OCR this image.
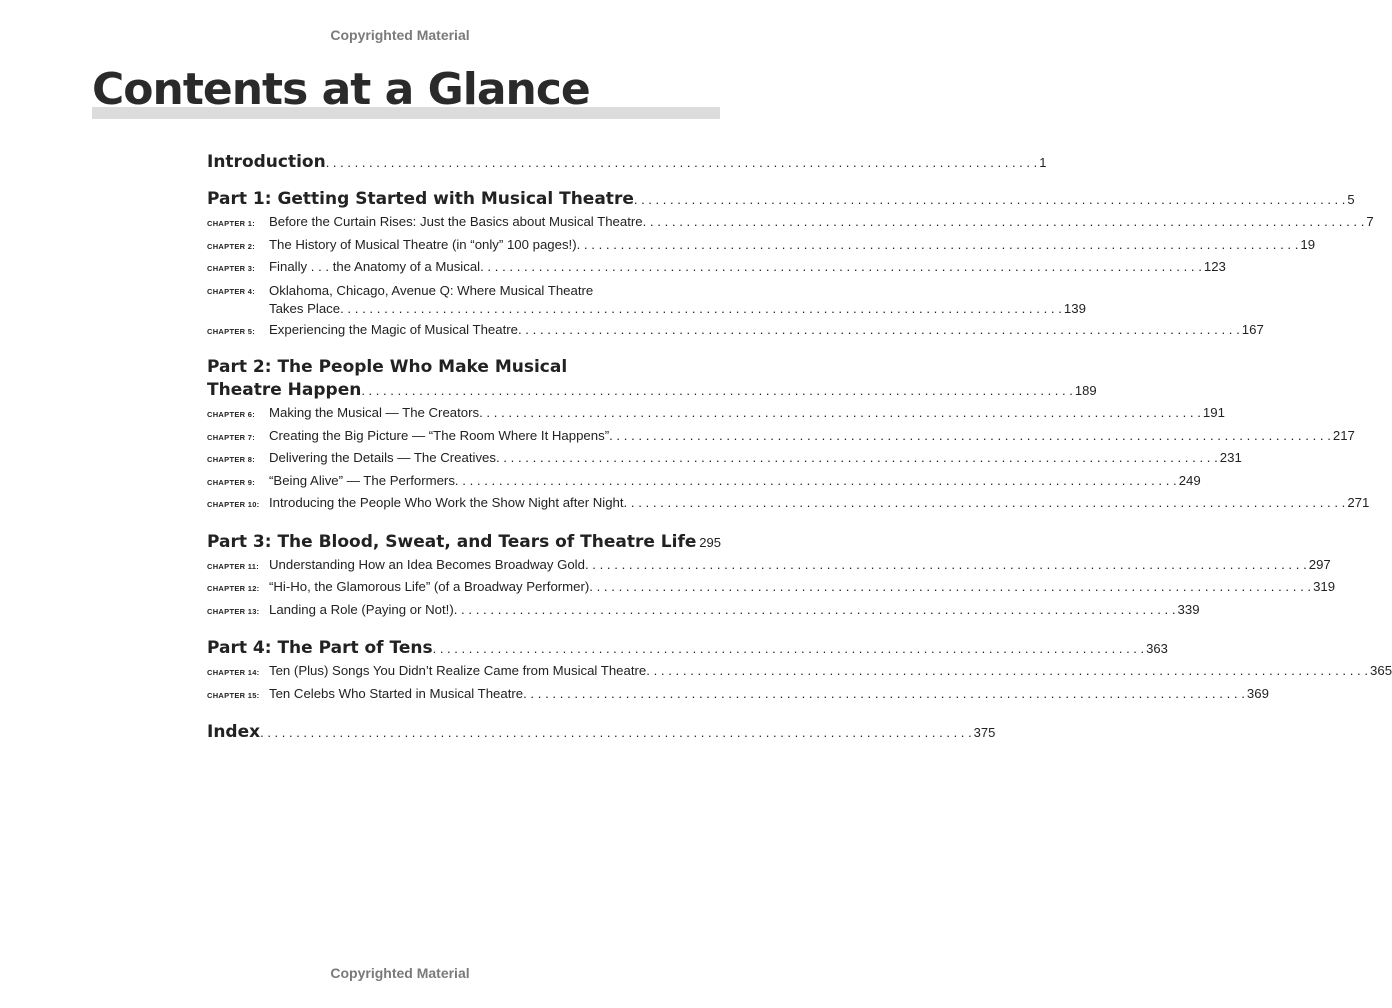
Copyrighted Material
Contents at a Glance
Introduction . . .	1
Part 1: Getting Started with Musical Theatre . . .	5
CHAPTER 1:	Before the Curtain Rises: Just the Basics about Musical Theatre . . .	7
CHAPTER 2:	The History of Musical Theatre (in “only” 100 pages!) . . .	19
CHAPTER 3:	Finally . . . the Anatomy of a Musical . . .	123
CHAPTER 4:	Oklahoma, Chicago, Avenue Q: Where Musical Theatre
Takes Place . . .	139
CHAPTER 5:	Experiencing the Magic of Musical Theatre . . .	167
Part 2: The People Who Make Musical
Theatre Happen . . .	189
CHAPTER 6:	Making the Musical — The Creators . . .	191
CHAPTER 7:	Creating the Big Picture — “The Room Where It Happens” . . .	217
CHAPTER 8:	Delivering the Details — The Creatives . . .	231
CHAPTER 9:	“Being Alive” — The Performers . . .	249
CHAPTER 10: Introducing the People Who Work the Show Night after Night . . .	271
Part 3: The Blood, Sweat, and Tears of Theatre Life . . . 295
CHAPTER 11: Understanding How an Idea Becomes Broadway Gold . . .	297
CHAPTER 12: “Hi-Ho, the Glamorous Life” (of a Broadway Performer) . . .	319
CHAPTER 13: Landing a Role (Paying or Not!) . . .	339
Part 4: The Part of Tens . . .	363
CHAPTER 14: Ten (Plus) Songs You Didn’t Realize Came from Musical Theatre . . .	365
CHAPTER 15: Ten Celebs Who Started in Musical Theatre . . .	369
Index . . .	375
Copyrighted Material
